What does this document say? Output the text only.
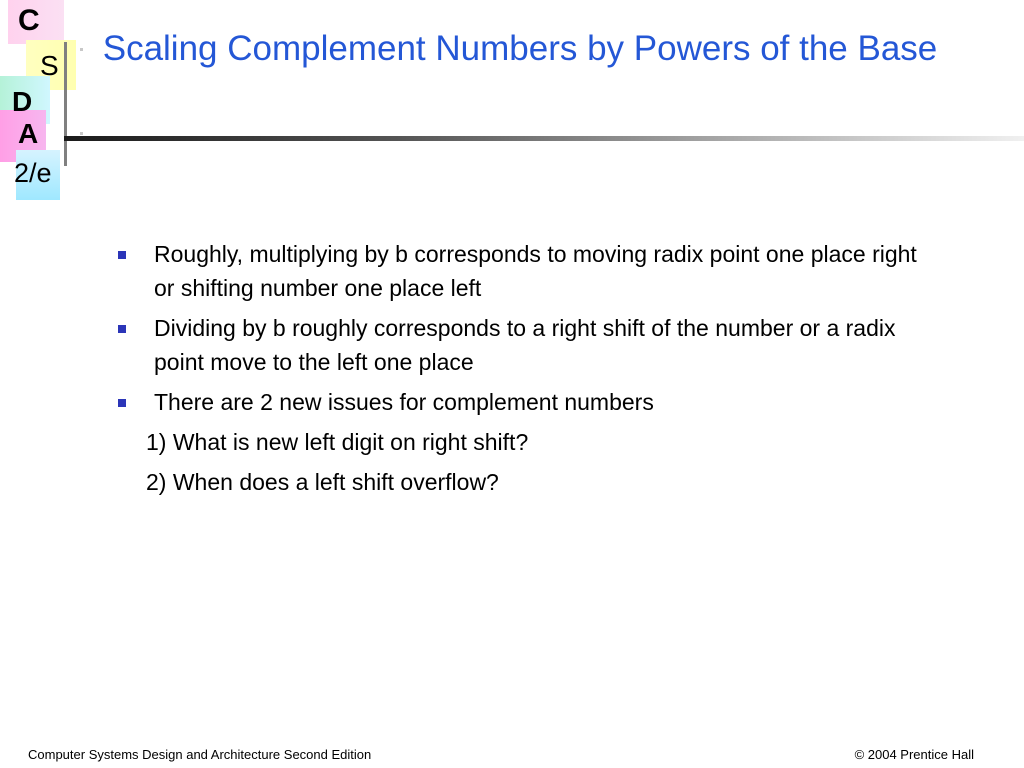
C
S
D
A
2/e
Scaling Complement Numbers by Powers of the Base
Roughly, multiplying by b corresponds to moving radix point one place right or shifting number one place left
Dividing by b roughly corresponds to a right shift of the number or a radix point move to the left one place
There are 2 new issues for complement numbers
1) What is new left digit on right shift?
2) When does a left shift overflow?
Computer Systems Design and Architecture Second Edition	© 2004 Prentice Hall
